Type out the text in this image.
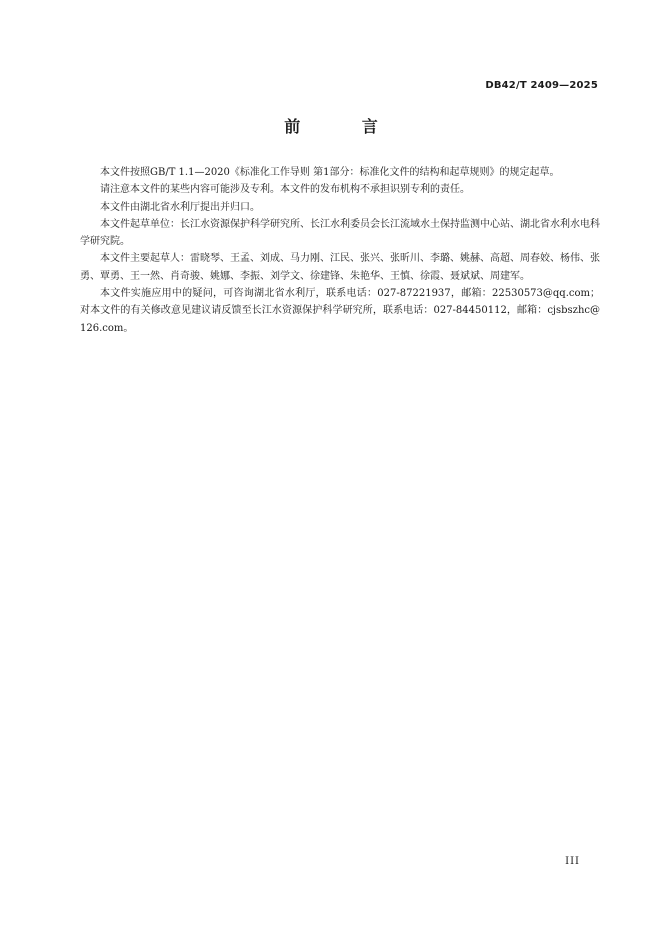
DB42/T 2409—2025
前 言

本文件按照GB/T 1.1—2020《标准化工作导则 第1部分：标准化文件的结构和起草规则》的规定起草。

请注意本文件的某些内容可能涉及专利。本文件的发布机构不承担识别专利的责任。

本文件由湖北省水利厅提出并归口。

本文件起草单位：长江水资源保护科学研究所、长江水利委员会长江流域水土保持监测中心站、湖北省水利水电科学研究院。

本文件主要起草人：雷晓琴、王孟、刘成、马力刚、江民、张兴、张昕川、李璐、姚赫、高超、周春姣、杨伟、张勇、覃勇、王一然、肖奇骏、姚娜、李振、刘学文、徐建锋、朱艳华、王慎、徐霞、聂斌斌、周建军。

本文件实施应用中的疑问，可咨询湖北省水利厅，联系电话：027-87221937，邮箱：22530573@qq.com；对本文件的有关修改意见建议请反馈至长江水资源保护科学研究所，联系电话：027-84450112，邮箱：cjsbszhc@126.com。

III
